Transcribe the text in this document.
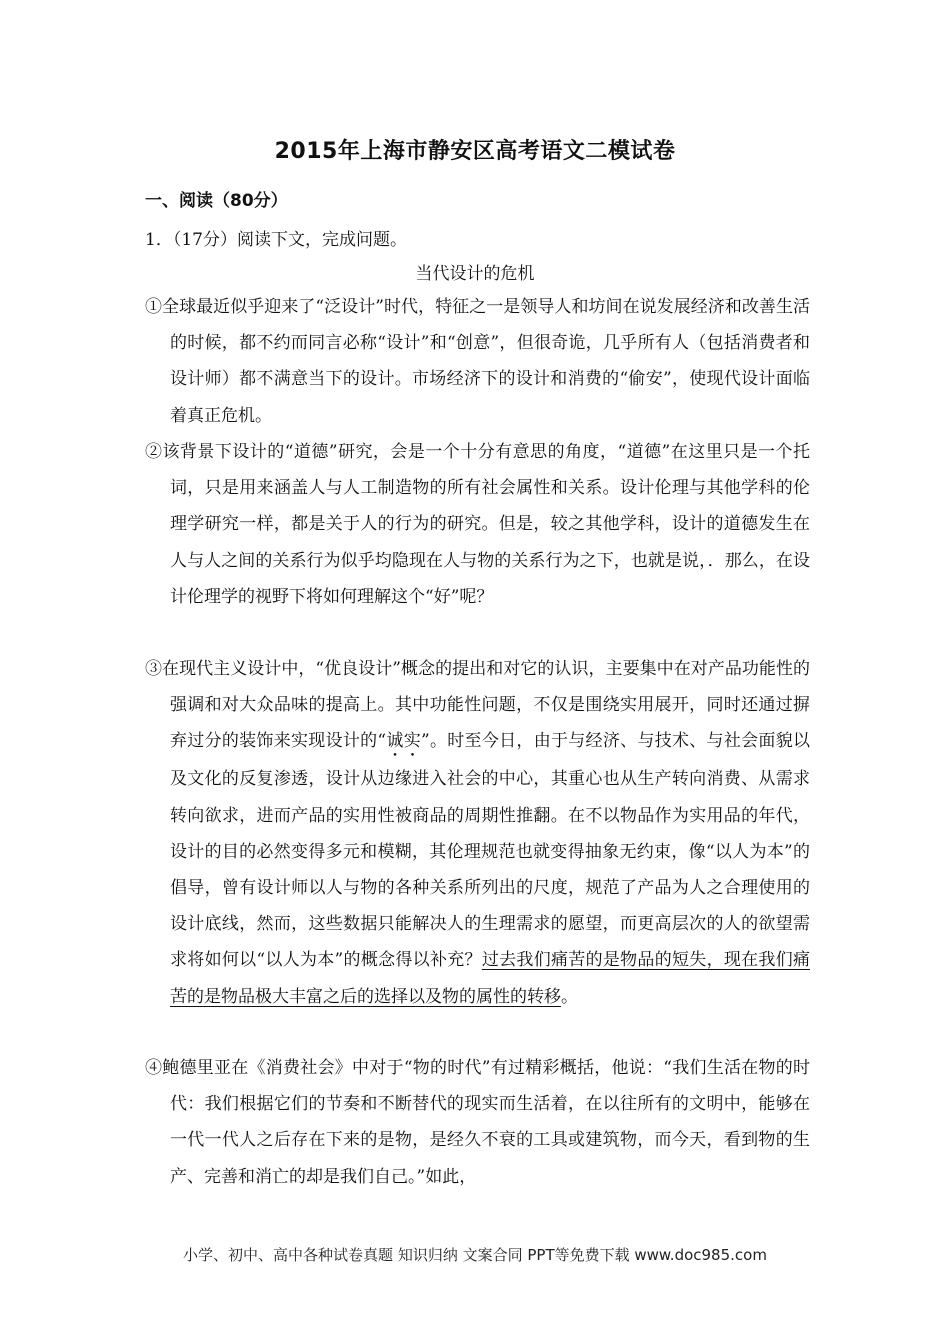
2015年上海市静安区高考语文二模试卷
一、阅读（80分）
1．（17分）阅读下文，完成问题。
当代设计的危机
①全球最近似乎迎来了“泛设计”时代，特征之一是领导人和坊间在说发展经济和改善生活的时候，都不约而同言必称“设计”和“创意”，但很奇诡，几乎所有人（包括消费者和设计师）都不满意当下的设计。市场经济下的设计和消费的“偷安”，使现代设计面临着真正危机。
②该背景下设计的“道德”研究，会是一个十分有意思的角度，“道德”在这里只是一个托词，只是用来涵盖人与人工制造物的所有社会属性和关系。设计伦理与其他学科的伦理学研究一样，都是关于人的行为的研究。但是，较之其他学科，设计的道德发生在人与人之间的关系行为似乎均隐现在人与物的关系行为之下，也就是说，．那么，在设计伦理学的视野下将如何理解这个“好”呢？
③在现代主义设计中，“优良设计”概念的提出和对它的认识，主要集中在对产品功能性的强调和对大众品味的提高上。其中功能性问题，不仅是围绕实用展开，同时还通过摒弃过分的装饰来实现设计的“诚实”。时至今日，由于与经济、与技术、与社会面貌以及文化的反复渗透，设计从边缘进入社会的中心，其重心也从生产转向消费、从需求转向欲求，进而产品的实用性被商品的周期性推翻。在不以物品作为实用品的年代，设计的目的必然变得多元和模糊，其伦理规范也就变得抽象无约束，像“以人为本”的倡导，曾有设计师以人与物的各种关系所列出的尺度，规范了产品为人之合理使用的设计底线，然而，这些数据只能解决人的生理需求的愿望，而更高层次的人的欲望需求将如何以“以人为本”的概念得以补充？过去我们痛苦的是物品的短失，现在我们痛苦的是物品极大丰富之后的选择以及物的属性的转移。
④鲍德里亚在《消费社会》中对于“物的时代”有过精彩概括，他说：“我们生活在物的时代：我们根据它们的节奏和不断替代的现实而生活着，在以往所有的文明中，能够在一代一代人之后存在下来的是物，是经久不衰的工具或建筑物，而今天，看到物的生产、完善和消亡的却是我们自己。”如此，
小学、初中、高中各种试卷真题 知识归纳 文案合同 PPT等免费下载 www.doc985.com
